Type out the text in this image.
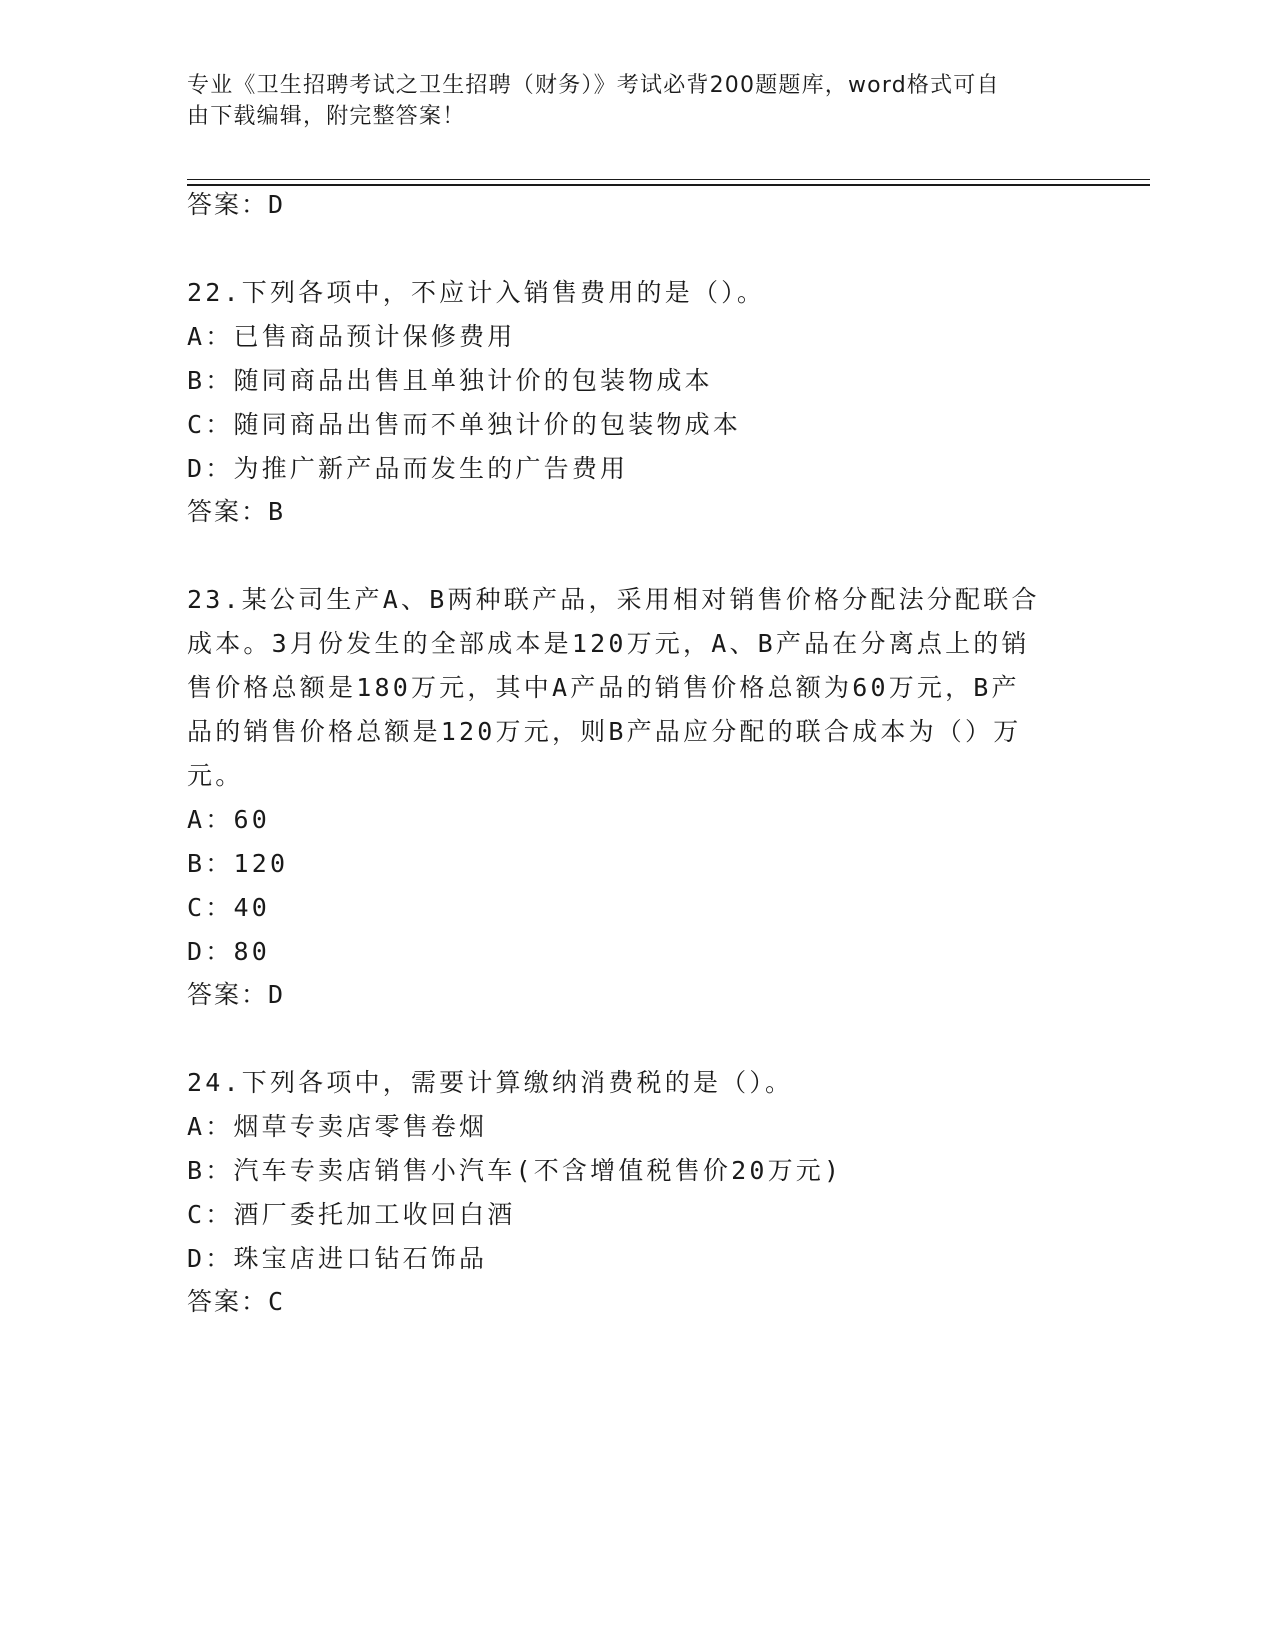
专业《卫生招聘考试之卫生招聘（财务）》考试必背200题题库，word格式可自
由下载编辑，附完整答案！
答案：D
22.下列各项中，不应计入销售费用的是（）。
A：已售商品预计保修费用
B：随同商品出售且单独计价的包装物成本
C：随同商品出售而不单独计价的包装物成本
D：为推广新产品而发生的广告费用
答案：B
23.某公司生产A、B两种联产品，采用相对销售价格分配法分配联合
成本。3月份发生的全部成本是120万元，A、B产品在分离点上的销
售价格总额是180万元，其中A产品的销售价格总额为60万元，B产
品的销售价格总额是120万元，则B产品应分配的联合成本为（）万
元。
A：60
B：120
C：40
D：80
答案：D
24.下列各项中，需要计算缴纳消费税的是（）。
A：烟草专卖店零售卷烟
B：汽车专卖店销售小汽车(不含增值税售价20万元)
C：酒厂委托加工收回白酒
D：珠宝店进口钻石饰品
答案：C
